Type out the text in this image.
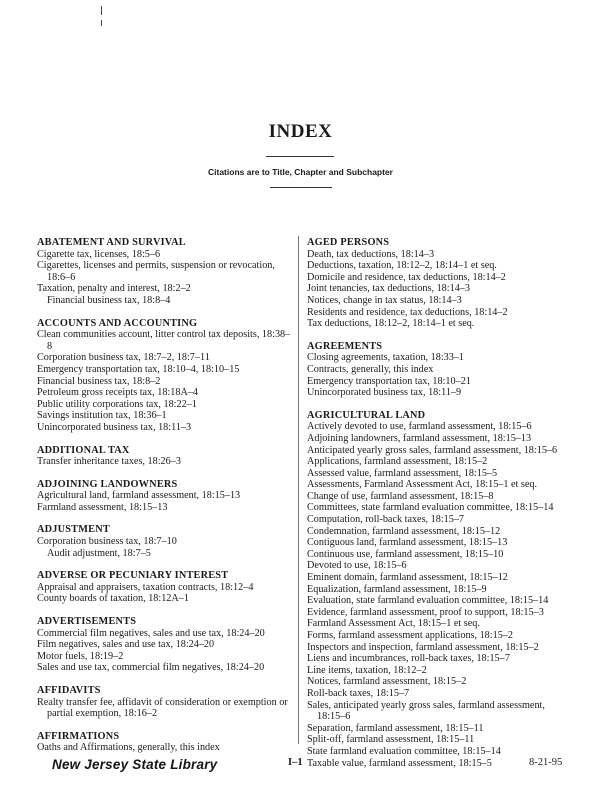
INDEX
Citations are to Title, Chapter and Subchapter
ABATEMENT AND SURVIVAL
Cigarette tax, licenses, 18:5–6
Cigarettes, licenses and permits, suspension or revocation, 18:6–6
Taxation, penalty and interest, 18:2–2
Financial business tax, 18:8–4
ACCOUNTS AND ACCOUNTING
Clean communities account, litter control tax deposits, 18:38–8
Corporation business tax, 18:7–2, 18:7–11
Emergency transportation tax, 18:10–4, 18:10–15
Financial business tax, 18:8–2
Petroleum gross receipts tax, 18:18A–4
Public utility corporations tax, 18:22–1
Savings institution tax, 18:36–1
Unincorporated business tax, 18:11–3
ADDITIONAL TAX
Transfer inheritance taxes, 18:26–3
ADJOINING LANDOWNERS
Agricultural land, farmland assessment, 18:15–13
Farmland assessment, 18:15–13
ADJUSTMENT
Corporation business tax, 18:7–10
Audit adjustment, 18:7–5
ADVERSE OR PECUNIARY INTEREST
Appraisal and appraisers, taxation contracts, 18:12–4
County boards of taxation, 18:12A–1
ADVERTISEMENTS
Commercial film negatives, sales and use tax, 18:24–20
Film negatives, sales and use tax, 18:24–20
Motor fuels, 18:19–2
Sales and use tax, commercial film negatives, 18:24–20
AFFIDAVITS
Realty transfer fee, affidavit of consideration or exemption or partial exemption, 18:16–2
AFFIRMATIONS
Oaths and Affirmations, generally, this index
AGED PERSONS
Death, tax deductions, 18:14–3
Deductions, taxation, 18:12–2, 18:14–1 et seq.
Domicile and residence, tax deductions, 18:14–2
Joint tenancies, tax deductions, 18:14–3
Notices, change in tax status, 18:14–3
Residents and residence, tax deductions, 18:14–2
Tax deductions, 18:12–2, 18:14–1 et seq.
AGREEMENTS
Closing agreements, taxation, 18:33–1
Contracts, generally, this index
Emergency transportation tax, 18:10–21
Unincorporated business tax, 18:11–9
AGRICULTURAL LAND
Actively devoted to use, farmland assessment, 18:15–6
Adjoining landowners, farmland assessment, 18:15–13
Anticipated yearly gross sales, farmland assessment, 18:15–6
Applications, farmland assessment, 18:15–2
Assessed value, farmland assessment, 18:15–5
Assessments, Farmland Assessment Act, 18:15–1 et seq.
Change of use, farmland assessment, 18:15–8
Committees, state farmland evaluation committee, 18:15–14
Computation, roll-back taxes, 18:15–7
Condemnation, farmland assessment, 18:15–12
Contiguous land, farmland assessment, 18:15–13
Continuous use, farmland assessment, 18:15–10
Devoted to use, 18:15–6
Eminent domain, farmland assessment, 18:15–12
Equalization, farmland assessment, 18:15–9
Evaluation, state farmland evaluation committee, 18:15–14
Evidence, farmland assessment, proof to support, 18:15–3
Farmland Assessment Act, 18:15–1 et seq.
Forms, farmland assessment applications, 18:15–2
Inspectors and inspection, farmland assessment, 18:15–2
Liens and incumbrances, roll-back taxes, 18:15–7
Line items, taxation, 18:12–2
Notices, farmland assessment, 18:15–2
Roll-back taxes, 18:15–7
Sales, anticipated yearly gross sales, farmland assessment, 18:15–6
Separation, farmland assessment, 18:15–11
Split-off, farmland assessment, 18:15–11
State farmland evaluation committee, 18:15–14
Taxable value, farmland assessment, 18:15–5
New Jersey State Library	I–1	8-21-95
